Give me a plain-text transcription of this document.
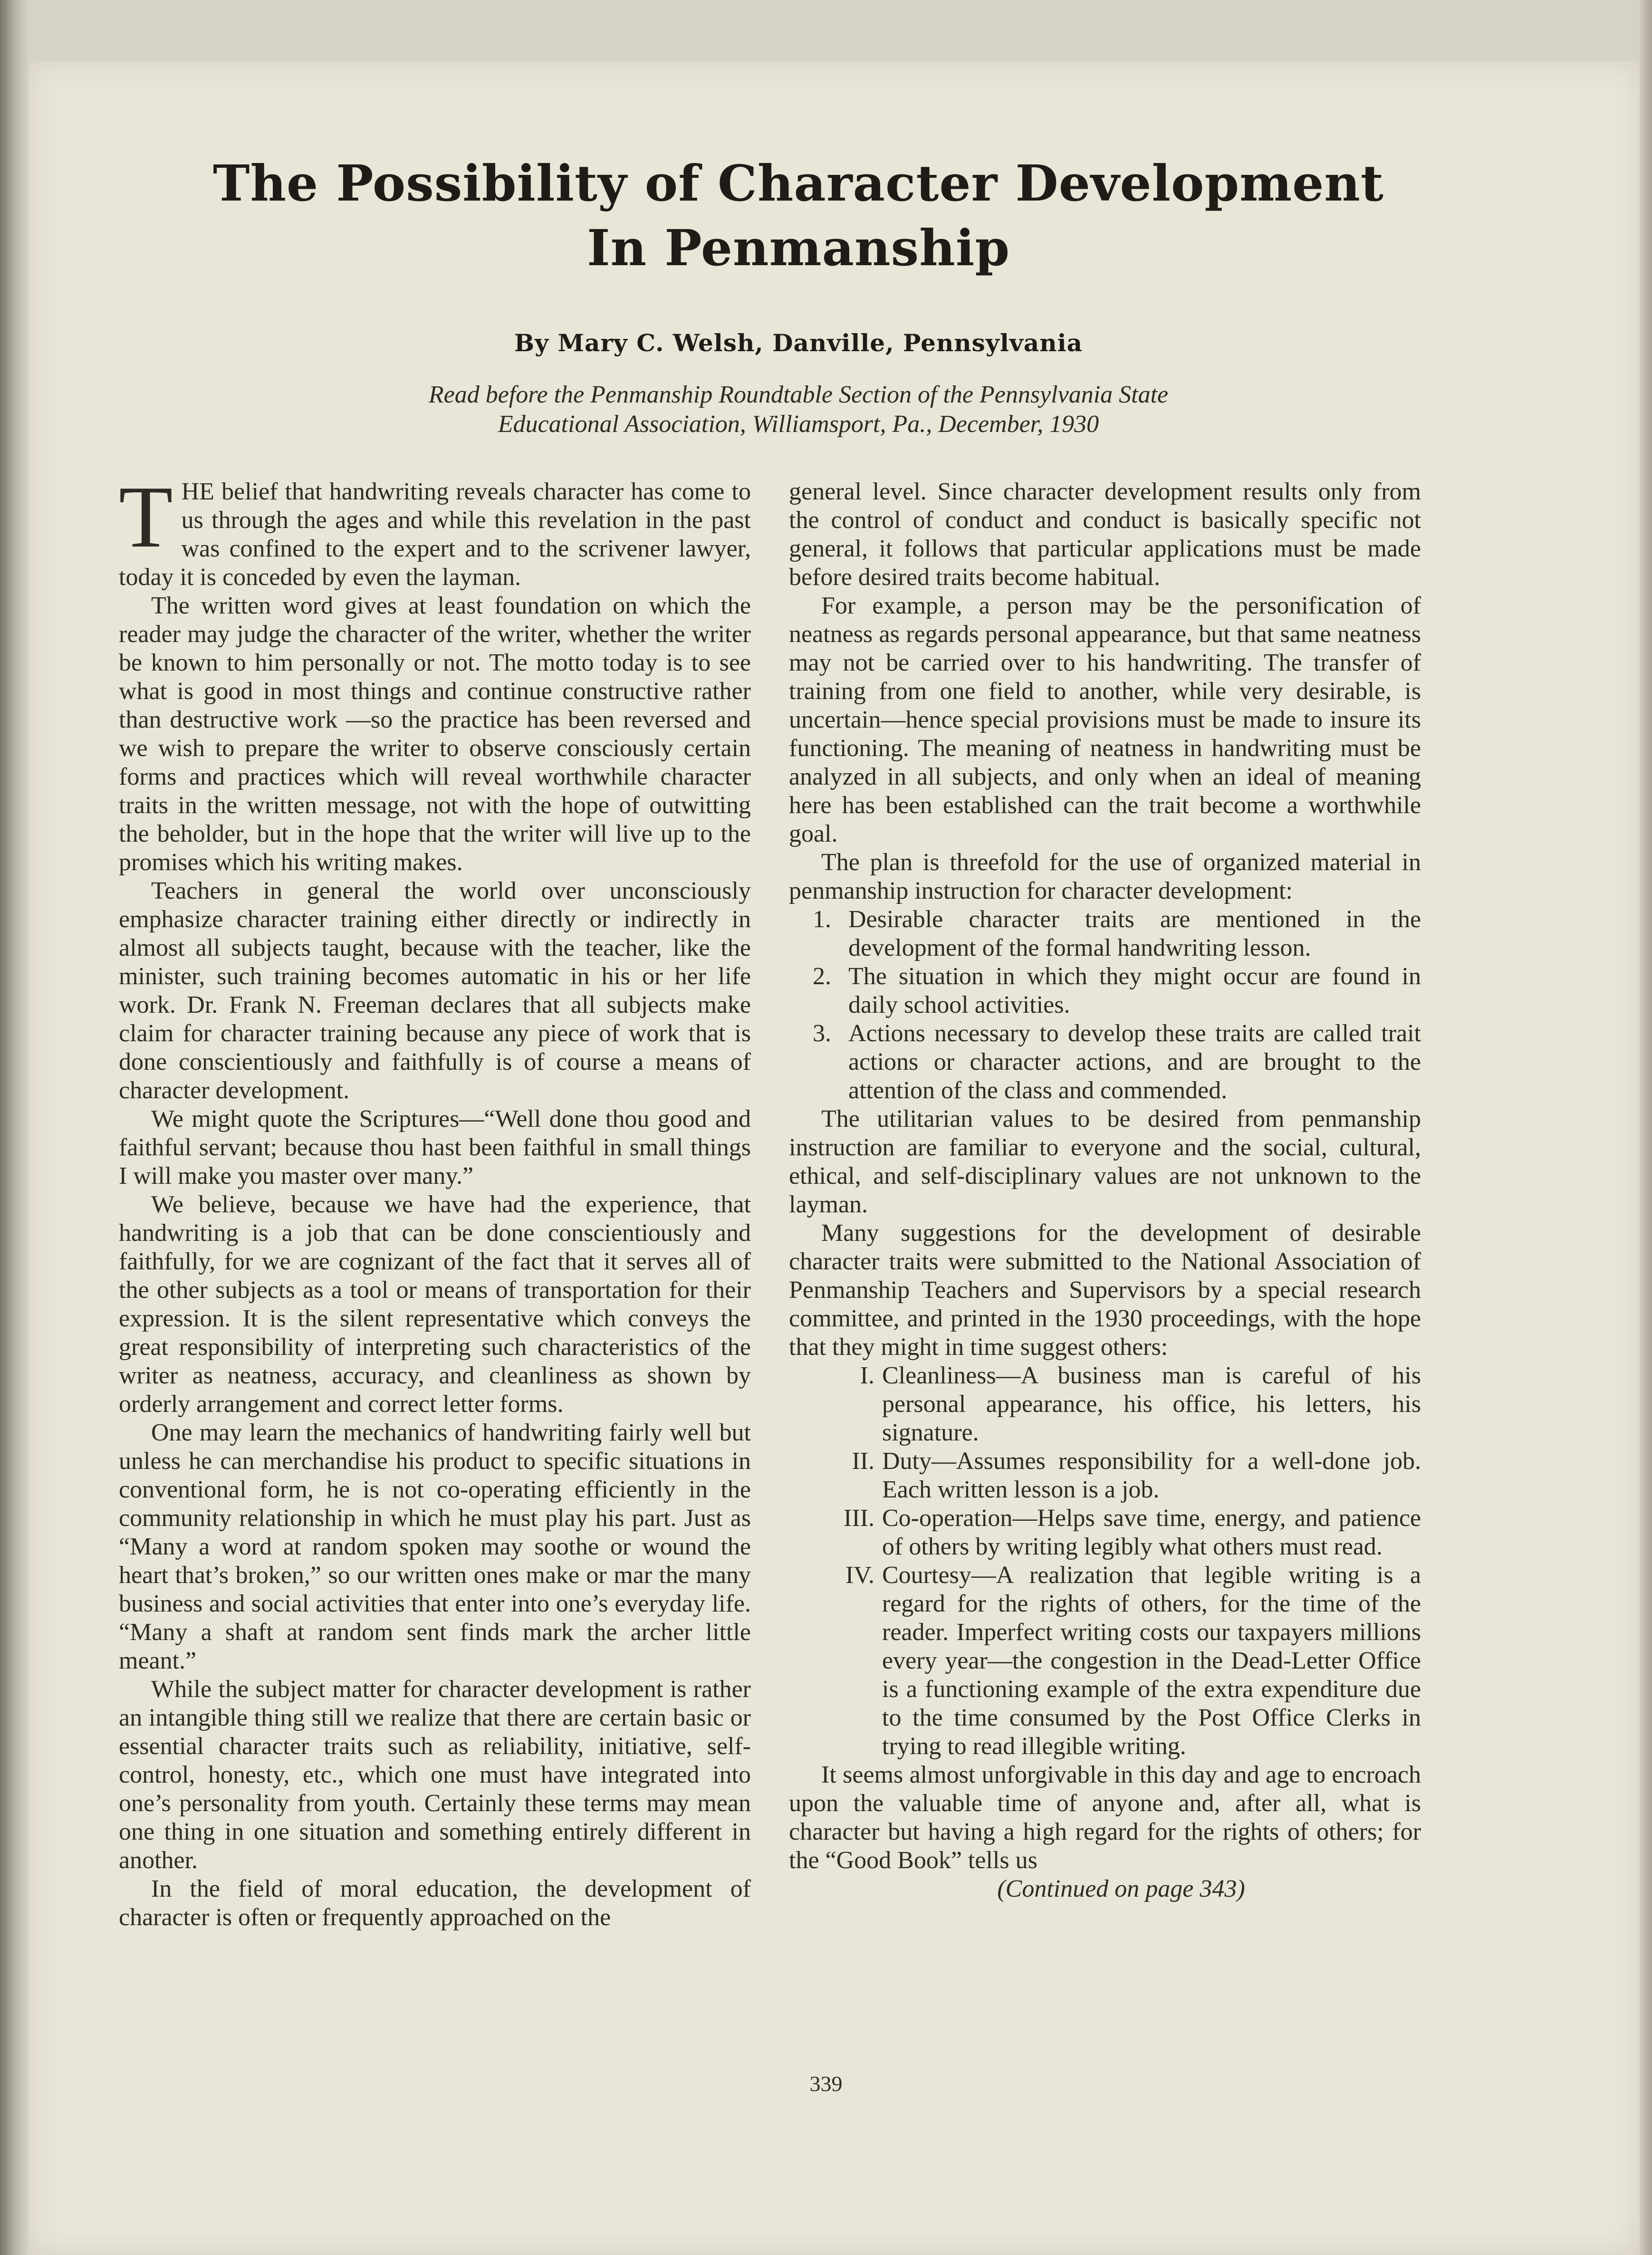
The Possibility of Character Development
In Penmanship
By Mary C. Welsh, Danville, Pennsylvania
Read before the Penmanship Roundtable Section of the Pennsylvania State
Educational Association, Williamsport, Pa., December, 1930

THE belief that handwriting reveals character has come to us through the ages and while this revelation in the past was confined to the expert and to the scrivener lawyer, today it is conceded by even the layman.

The written word gives at least foundation on which the reader may judge the character of the writer, whether the writer be known to him personally or not. The motto today is to see what is good in most things and continue constructive rather than destructive work —so the practice has been reversed and we wish to prepare the writer to observe consciously certain forms and practices which will reveal worthwhile character traits in the written message, not with the hope of outwitting the beholder, but in the hope that the writer will live up to the promises which his writing makes.

Teachers in general the world over unconsciously emphasize character training either directly or indirectly in almost all subjects taught, because with the teacher, like the minister, such training becomes automatic in his or her life work. Dr. Frank N. Freeman declares that all subjects make claim for character training because any piece of work that is done conscientiously and faithfully is of course a means of character development.

We might quote the Scriptures—“Well done thou good and faithful servant; because thou hast been faithful in small things I will make you master over many.”

We believe, because we have had the experience, that handwriting is a job that can be done conscientiously and faithfully, for we are cognizant of the fact that it serves all of the other subjects as a tool or means of transportation for their expression. It is the silent representative which conveys the great responsibility of interpreting such characteristics of the writer as neatness, accuracy, and cleanliness as shown by orderly arrangement and correct letter forms.

One may learn the mechanics of handwriting fairly well but unless he can merchandise his product to specific situations in conventional form, he is not co-operating efficiently in the community relationship in which he must play his part. Just as “Many a word at random spoken may soothe or wound the heart that’s broken,” so our written ones make or mar the many business and social activities that enter into one’s everyday life. “Many a shaft at random sent finds mark the archer little meant.”

While the subject matter for character development is rather an intangible thing still we realize that there are certain basic or essential character traits such as reliability, initiative, self-control, honesty, etc., which one must have integrated into one’s personality from youth. Certainly these terms may mean one thing in one situation and something entirely different in another.

In the field of moral education, the development of character is often or frequently approached on the

general level. Since character development results only from the control of conduct and conduct is basically specific not general, it follows that particular applications must be made before desired traits become habitual.

For example, a person may be the personification of neatness as regards personal appearance, but that same neatness may not be carried over to his handwriting. The transfer of training from one field to another, while very desirable, is uncertain—hence special provisions must be made to insure its functioning. The meaning of neatness in handwriting must be analyzed in all subjects, and only when an ideal of meaning here has been established can the trait become a worthwhile goal.

The plan is threefold for the use of organized material in penmanship instruction for character development:

1. Desirable character traits are mentioned in the development of the formal handwriting lesson.
2. The situation in which they might occur are found in daily school activities.
3. Actions necessary to develop these traits are called trait actions or character actions, and are brought to the attention of the class and commended.

The utilitarian values to be desired from penmanship instruction are familiar to everyone and the social, cultural, ethical, and self-disciplinary values are not unknown to the layman.

Many suggestions for the development of desirable character traits were submitted to the National Association of Penmanship Teachers and Supervisors by a special research committee, and printed in the 1930 proceedings, with the hope that they might in time suggest others:

I. Cleanliness—A business man is careful of his personal appearance, his office, his letters, his signature.
II. Duty—Assumes responsibility for a well-done job. Each written lesson is a job.
III. Co-operation—Helps save time, energy, and patience of others by writing legibly what others must read.
IV. Courtesy—A realization that legible writing is a regard for the rights of others, for the time of the reader. Imperfect writing costs our taxpayers millions every year—the congestion in the Dead-Letter Office is a functioning example of the extra expenditure due to the time consumed by the Post Office Clerks in trying to read illegible writing.

It seems almost unforgivable in this day and age to encroach upon the valuable time of anyone and, after all, what is character but having a high regard for the rights of others; for the “Good Book” tells us

(Continued on page 343)

339
